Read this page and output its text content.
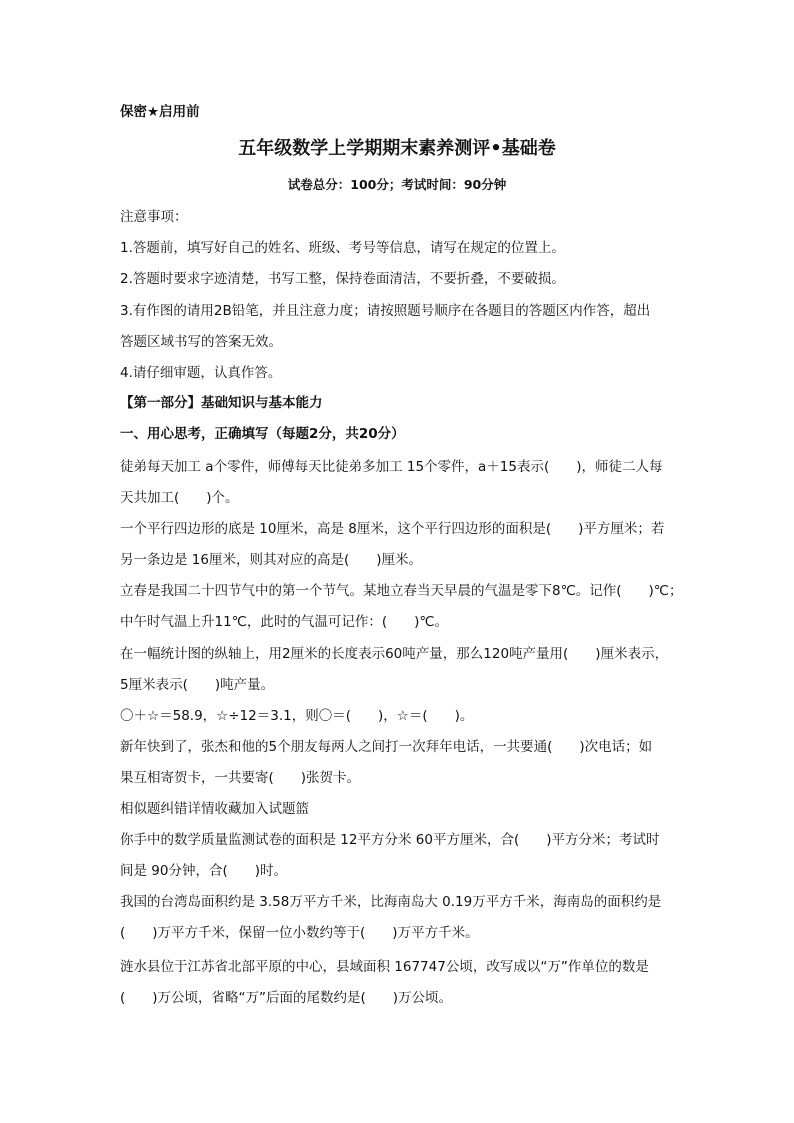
保密★启用前
五年级数学上学期期末素养测评•基础卷
试卷总分：100分；考试时间：90分钟
注意事项：
1.答题前，填写好自己的姓名、班级、考号等信息，请写在规定的位置上。
2.答题时要求字迹清楚，书写工整，保持卷面清洁，不要折叠，不要破损。
3.有作图的请用2B铅笔，并且注意力度；请按照题号顺序在各题目的答题区内作答，超出
答题区域书写的答案无效。
4.请仔细审题，认真作答。
【第一部分】基础知识与基本能力
一、用心思考，正确填写（每题2分，共20分）
徒弟每天加工 a个零件，师傅每天比徒弟多加工 15个零件，a＋15表示(　　)，师徒二人每
天共加工(　　)个。
一个平行四边形的底是 10厘米，高是 8厘米，这个平行四边形的面积是(　　)平方厘米；若
另一条边是 16厘米，则其对应的高是(　　)厘米。
立春是我国二十四节气中的第一个节气。某地立春当天早晨的气温是零下8℃。记作(　　)℃；
中午时气温上升11℃，此时的气温可记作：(　　)℃。
在一幅统计图的纵轴上，用2厘米的长度表示60吨产量，那么120吨产量用(　　)厘米表示，
5厘米表示(　　)吨产量。
〇＋☆＝58.9，☆÷12＝3.1，则〇＝(　　)，☆＝(　　)。
新年快到了，张杰和他的5个朋友每两人之间打一次拜年电话，一共要通(　　)次电话；如
果互相寄贺卡，一共要寄(　　)张贺卡。
相似题纠错详情收藏加入试题篮
你手中的数学质量监测试卷的面积是 12平方分米 60平方厘米，合(　　)平方分米；考试时
间是 90分钟，合(　　)时。
我国的台湾岛面积约是 3.58万平方千米，比海南岛大 0.19万平方千米，海南岛的面积约是
(　　)万平方千米，保留一位小数约等于(　　)万平方千米。
涟水县位于江苏省北部平原的中心，县域面积 167747公顷，改写成以“万”作单位的数是
(　　)万公顷，省略“万”后面的尾数约是(　　)万公顷。
